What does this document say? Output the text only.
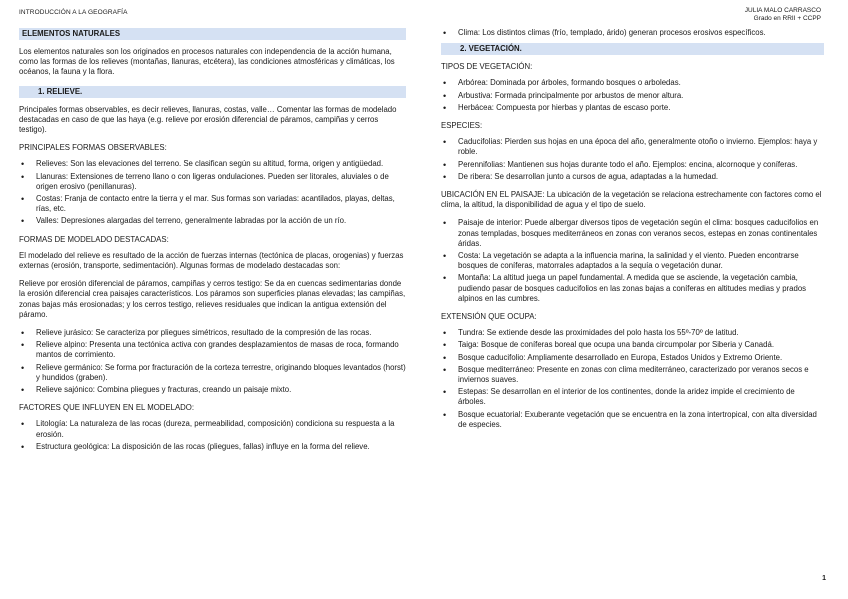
INTRODUCCIÓN A LA GEOGRAFÍA	JULIA MALO CARRASCO
Grado en RRII + CCPP
ELEMENTOS NATURALES

Los elementos naturales son los originados en procesos naturales con independencia de la acción humana, como las formas de los relieves (montañas, llanuras, etcétera), las condiciones atmosféricas y climáticas, los océanos, la fauna y la flora.

1. RELIEVE.

Principales formas observables, es decir relieves, llanuras, costas, valle… Comentar las formas de modelado destacadas en caso de que las haya (e.g. relieve por erosión diferencial de páramos, campiñas y cerros testigo).

PRINCIPALES FORMAS OBSERVABLES:
• Relieves: Son las elevaciones del terreno. Se clasifican según su altitud, forma, origen y antigüedad.
• Llanuras: Extensiones de terreno llano o con ligeras ondulaciones. Pueden ser litorales, aluviales o de origen erosivo (penillanuras).
• Costas: Franja de contacto entre la tierra y el mar. Sus formas son variadas: acantilados, playas, deltas, rías, etc.
• Valles: Depresiones alargadas del terreno, generalmente labradas por la acción de un río.
FORMAS DE MODELADO DESTACADAS:

El modelado del relieve es resultado de la acción de fuerzas internas (tectónica de placas, orogenias) y fuerzas externas (erosión, transporte, sedimentación). Algunas formas de modelado destacadas son:

Relieve por erosión diferencial de páramos, campiñas y cerros testigo: Se da en cuencas sedimentarias donde la erosión diferencial crea paisajes característicos. Los páramos son superficies planas elevadas; las campiñas, zonas bajas más erosionadas; y los cerros testigo, relieves residuales que indican la antigua extensión del páramo.

• Relieve jurásico: Se caracteriza por pliegues simétricos, resultado de la compresión de las rocas.
• Relieve alpino: Presenta una tectónica activa con grandes desplazamientos de masas de roca, formando mantos de corrimiento.
• Relieve germánico: Se forma por fracturación de la corteza terrestre, originando bloques levantados (horst) y hundidos (graben).
• Relieve sajónico: Combina pliegues y fracturas, creando un paisaje mixto.
FACTORES QUE INFLUYEN EN EL MODELADO:
• Litología: La naturaleza de las rocas (dureza, permeabilidad, composición) condiciona su respuesta a la erosión.
• Estructura geológica: La disposición de las rocas (pliegues, fallas) influye en la forma del relieve.
• Clima: Los distintos climas (frío, templado, árido) generan procesos erosivos específicos.
2. VEGETACIÓN.
TIPOS DE VEGETACIÓN:
• Arbórea: Dominada por árboles, formando bosques o arboledas.
• Arbustiva: Formada principalmente por arbustos de menor altura.
• Herbácea: Compuesta por hierbas y plantas de escaso porte.
ESPECIES:
• Caducifolias: Pierden sus hojas en una época del año, generalmente otoño o invierno. Ejemplos: haya y roble.
• Perennifolias: Mantienen sus hojas durante todo el año. Ejemplos: encina, alcornoque y coníferas.
• De ribera: Se desarrollan junto a cursos de agua, adaptadas a la humedad.

UBICACIÓN EN EL PAISAJE: La ubicación de la vegetación se relaciona estrechamente con factores como el clima, la altitud, la disponibilidad de agua y el tipo de suelo.

• Paisaje de interior: Puede albergar diversos tipos de vegetación según el clima: bosques caducifolios en zonas templadas, bosques mediterráneos en zonas con veranos secos, estepas en zonas continentales áridas.
• Costa: La vegetación se adapta a la influencia marina, la salinidad y el viento. Pueden encontrarse bosques de coníferas, matorrales adaptados a la sequía o vegetación dunar.
• Montaña: La altitud juega un papel fundamental. A medida que se asciende, la vegetación cambia, pudiendo pasar de bosques caducifolios en las zonas bajas a coníferas en altitudes medias y prados alpinos en las cumbres.
EXTENSIÓN QUE OCUPA:
• Tundra: Se extiende desde las proximidades del polo hasta los 55º-70º de latitud.
• Taiga: Bosque de coníferas boreal que ocupa una banda circumpolar por Siberia y Canadá.
• Bosque caducifolio: Ampliamente desarrollado en Europa, Estados Unidos y Extremo Oriente.
• Bosque mediterráneo: Presente en zonas con clima mediterráneo, caracterizado por veranos secos e inviernos suaves.
• Estepas: Se desarrollan en el interior de los continentes, donde la aridez impide el crecimiento de árboles.
• Bosque ecuatorial: Exuberante vegetación que se encuentra en la zona intertropical, con alta diversidad de especies.
1
